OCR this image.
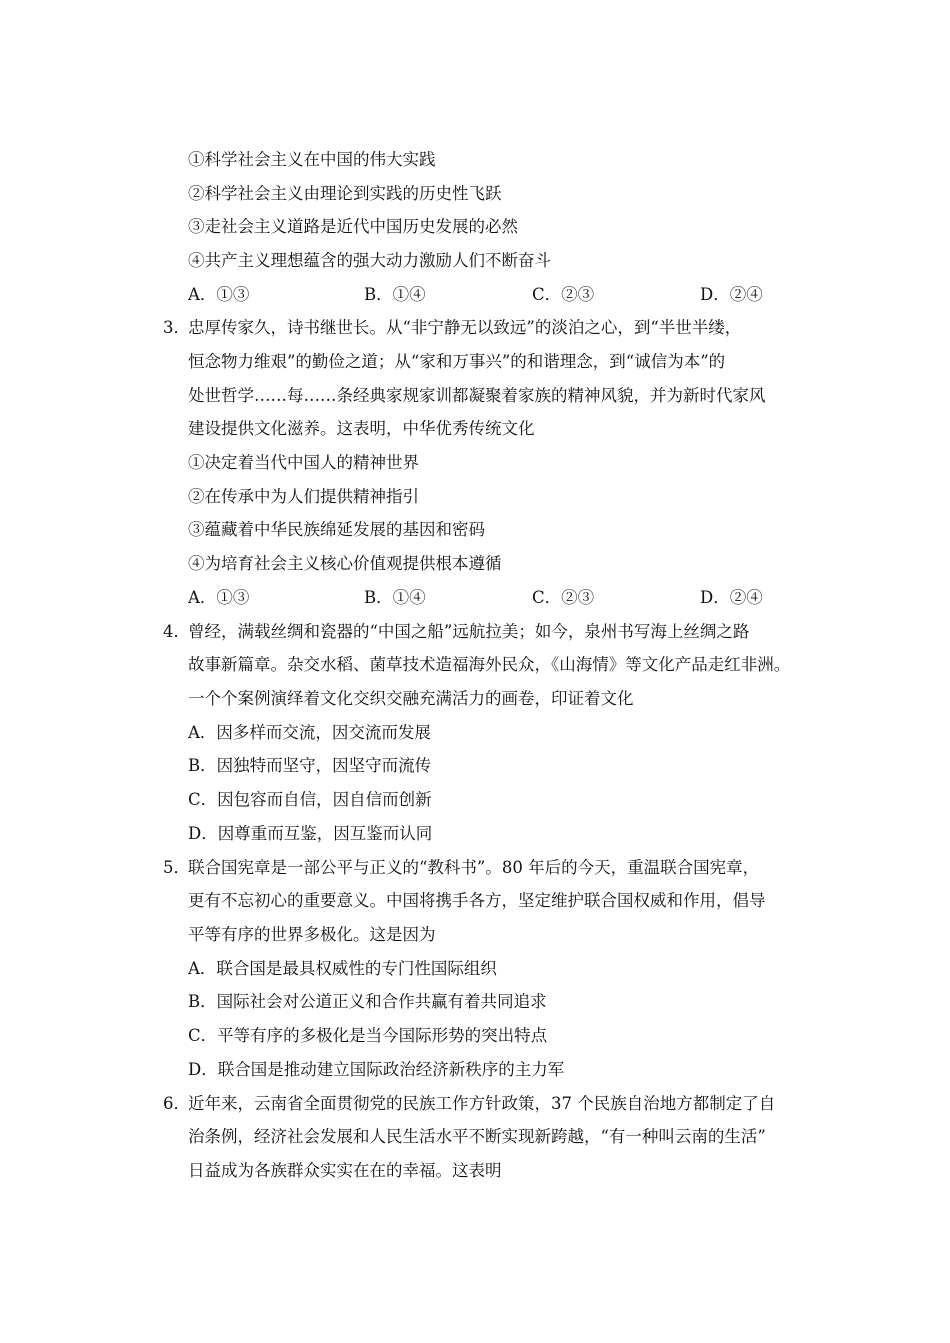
①科学社会主义在中国的伟大实践
②科学社会主义由理论到实践的历史性飞跃
③走社会主义道路是近代中国历史发展的必然
④共产主义理想蕴含的强大动力激励人们不断奋斗
A．①③	B．①④	C．②③	D．②④
3．
忠厚传家久，诗书继世长。从“非宁静无以致远”的淡泊之心，到“半世半缕，
恒念物力维艰”的勤俭之道；从“家和万事兴”的和谐理念，到“诚信为本”的
处世哲学……每……条经典家规家训都凝聚着家族的精神风貌，并为新时代家风
建设提供文化滋养。这表明，中华优秀传统文化
①决定着当代中国人的精神世界
②在传承中为人们提供精神指引
③蕴藏着中华民族绵延发展的基因和密码
④为培育社会主义核心价值观提供根本遵循
A．①③	B．①④	C．②③	D．②④
4．
曾经，满载丝绸和瓷器的“中国之船”远航拉美；如今，泉州书写海上丝绸之路
故事新篇章。杂交水稻、菌草技术造福海外民众，《山海情》等文化产品走红非洲。
一个个案例演绎着文化交织交融充满活力的画卷，印证着文化
A．因多样而交流，因交流而发展
B．因独特而坚守，因坚守而流传
C．因包容而自信，因自信而创新
D．因尊重而互鉴，因互鉴而认同
5．
联合国宪章是一部公平与正义的“教科书”。80 年后的今天，重温联合国宪章，
更有不忘初心的重要意义。中国将携手各方，坚定维护联合国权威和作用，倡导
平等有序的世界多极化。这是因为
A．联合国是最具权威性的专门性国际组织
B．国际社会对公道正义和合作共赢有着共同追求
C．平等有序的多极化是当今国际形势的突出特点
D．联合国是推动建立国际政治经济新秩序的主力军
6．
近年来，云南省全面贯彻党的民族工作方针政策，37 个民族自治地方都制定了自
治条例，经济社会发展和人民生活水平不断实现新跨越，“有一种叫云南的生活”
日益成为各族群众实实在在的幸福。这表明
